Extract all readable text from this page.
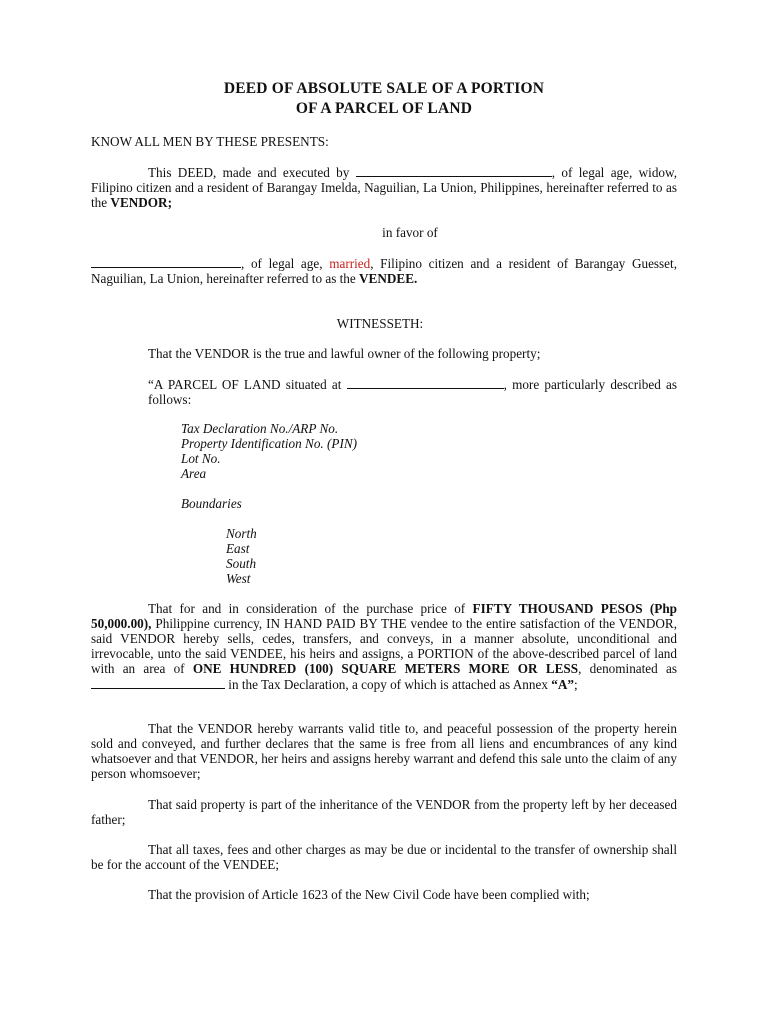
DEED OF ABSOLUTE SALE OF A PORTION
OF A PARCEL OF LAND
KNOW ALL MEN BY THESE PRESENTS:
This DEED, made and executed by	, of legal age, widow, Filipino citizen and a resident of Barangay Imelda, Naguilian, La Union, Philippines, hereinafter referred to as the VENDOR;
in favor of
, of legal age, married, Filipino citizen and a resident of Barangay Guesset, Naguilian, La Union, hereinafter referred to as the VENDEE.
WITNESSETH:
That the VENDOR is the true and lawful owner of the following property;
“A PARCEL OF LAND situated at	, more particularly described as follows:
Tax Declaration No./ARP No.
Property Identification No. (PIN)
Lot No.
Area
Boundaries
North
East
South
West
That for and in consideration of the purchase price of FIFTY THOUSAND PESOS (Php 50,000.00), Philippine currency, IN HAND PAID BY THE vendee to the entire satisfaction of the VENDOR, said VENDOR hereby sells, cedes, transfers, and conveys, in a manner absolute, unconditional and irrevocable, unto the said VENDEE, his heirs and assigns, a PORTION of the above-described parcel of land with an area of ONE HUNDRED (100) SQUARE METERS MORE OR LESS, denominated as  in the Tax Declaration, a copy of which is attached as Annex “A”;
That the VENDOR hereby warrants valid title to, and peaceful possession of the property herein sold and conveyed, and further declares that the same is free from all liens and encumbrances of any kind whatsoever and that VENDOR, her heirs and assigns hereby warrant and defend this sale unto the claim of any person whomsoever;
That said property is part of the inheritance of the VENDOR from the property left by her deceased father;
That all taxes, fees and other charges as may be due or incidental to the transfer of ownership shall be for the account of the VENDEE;
That the provision of Article 1623 of the New Civil Code have been complied with;
